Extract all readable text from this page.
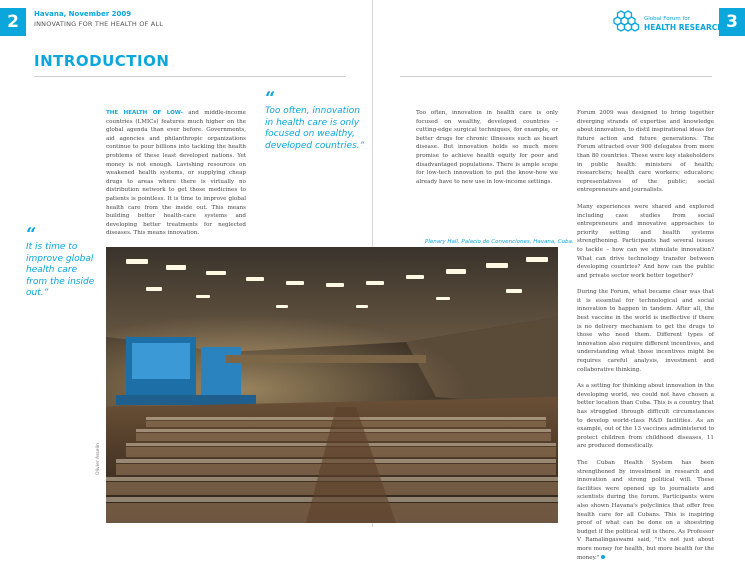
2	3
Havana, November 2009
INNOVATING FOR THE HEALTH OF ALL
Global Forum for
HEALTH RESEARCH
INTRODUCTION

THE HEALTH OF LOW- and middle-income countries (LMICs) features much higher on the global agenda than ever before. Governments, aid agencies and philanthropic organizations continue to pour billions into tackling the health problems of these least developed nations. Yet money is not enough. Lavishing resources on weakened health systems, or supplying cheap drugs to areas where there is virtually no distribution network to get those medicines to patients is pointless. It is time to improve global health care from the inside out. This means building better health-care systems and developing better treatments for neglected diseases. This means innovation.

“
Too often, innovation in health care is only focused on wealthy, developed countries.”
“
It is time to improve global health care from the inside out.”

Too often, innovation in health care is only focused on wealthy, developed countries - cutting-edge surgical techniques, for example, or better drugs for chronic illnesses such as heart disease. But innovation holds so much more promise to achieve health equity for poor and disadvantaged populations. There is ample scope for low-tech innovation to put the know-how we already have to new use in low-income settings.

Forum 2009 was designed to bring together diverging strands of expertise and knowledge about innovation, to distil inspirational ideas for future action and future generations. The Forum attracted over 900 delegates from more than 80 countries. These were key stakeholders in public health: ministers of health; researchers; health care workers; educators; representatives of the public; social entrepreneurs and journalists.

Many experiences were shared and explored including case studies from social entrepreneurs and innovative approaches to priority setting and health systems strengthening. Participants had several issues to tackle – how can we stimulate innovation? What can drive technology transfer between developing countries? And how can the public and private sector work better together?

During the Forum, what became clear was that it is essential for technological and social innovation to happen in tandem. After all, the best vaccine in the world is ineffective if there is no delivery mechanism to get the drugs to those who need them. Different types of innovation also require different incentives, and understanding what those incentives might be requires careful analysis, investment and collaborative thinking.

As a setting for thinking about innovation in the developing world, we could not have chosen a better location than Cuba. This is a country that has struggled through difficult circumstances to develop world-class R&D facilities. As an example, out of the 13 vaccines administered to protect children from childhood diseases, 11 are produced domestically.

The Cuban Health System has been strengthened by investment in research and innovation and strong political will. These facilities were opened up to journalists and scientists during the forum. Participants were also shown Havana's polyclinics that offer free health care for all Cubans. This is inspiring proof of what can be done on a shoestring budget if the political will is there. As Professor V Ramalingaswami said, "it's not just about more money for health, but more health for the money."

Plenary Hall, Palacio de Convenciones, Havana, Cuba.
Olivier Asselin
